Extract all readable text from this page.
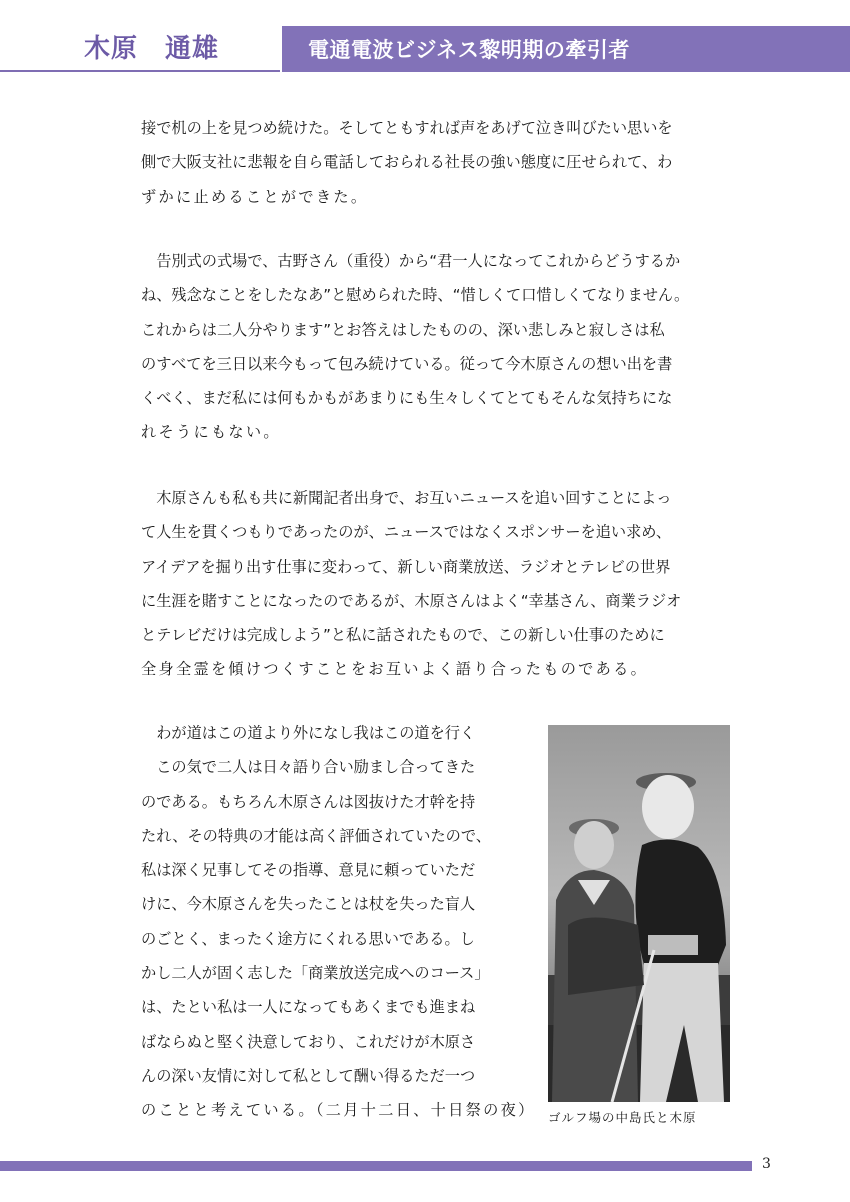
木原　通雄	電通電波ビジネス黎明期の牽引者
接で机の上を見つめ続けた。そしてともすれば声をあげて泣き叫びたい思いを
側で大阪支社に悲報を自ら電話しておられる社長の強い態度に圧せられて、わ
ずかに止めることができた。
　告別式の式場で、古野さん（重役）から“君一人になってこれからどうするか
ね、残念なことをしたなあ”と慰められた時、“惜しくて口惜しくてなりません。
これからは二人分やります”とお答えはしたものの、深い悲しみと寂しさは私
のすべてを三日以来今もって包み続けている。従って今木原さんの想い出を書
くべく、まだ私には何もかもがあまりにも生々しくてとてもそんな気持ちにな
れそうにもない。
　木原さんも私も共に新聞記者出身で、お互いニュースを追い回すことによっ
て人生を貫くつもりであったのが、ニュースではなくスポンサーを追い求め、
アイデアを掘り出す仕事に変わって、新しい商業放送、ラジオとテレビの世界
に生涯を賭すことになったのであるが、木原さんはよく“幸基さん、商業ラジオ
とテレビだけは完成しよう”と私に話されたもので、この新しい仕事のために
全身全霊を傾けつくすことをお互いよく語り合ったものである。
　わが道はこの道より外になし我はこの道を行く
　この気で二人は日々語り合い励まし合ってきた
のである。もちろん木原さんは図抜けた才幹を持
たれ、その特典の才能は高く評価されていたので、
私は深く兄事してその指導、意見に頼っていただ
けに、今木原さんを失ったことは杖を失った盲人
のごとく、まったく途方にくれる思いである。し
かし二人が固く志した「商業放送完成へのコース」
は、たとい私は一人になってもあくまでも進まね
ばならぬと堅く決意しており、これだけが木原さ
んの深い友情に対して私として酬い得るただ一つ
のことと考えている。（二月十二日、十日祭の夜） ゴルフ場の中島氏と木原
3
